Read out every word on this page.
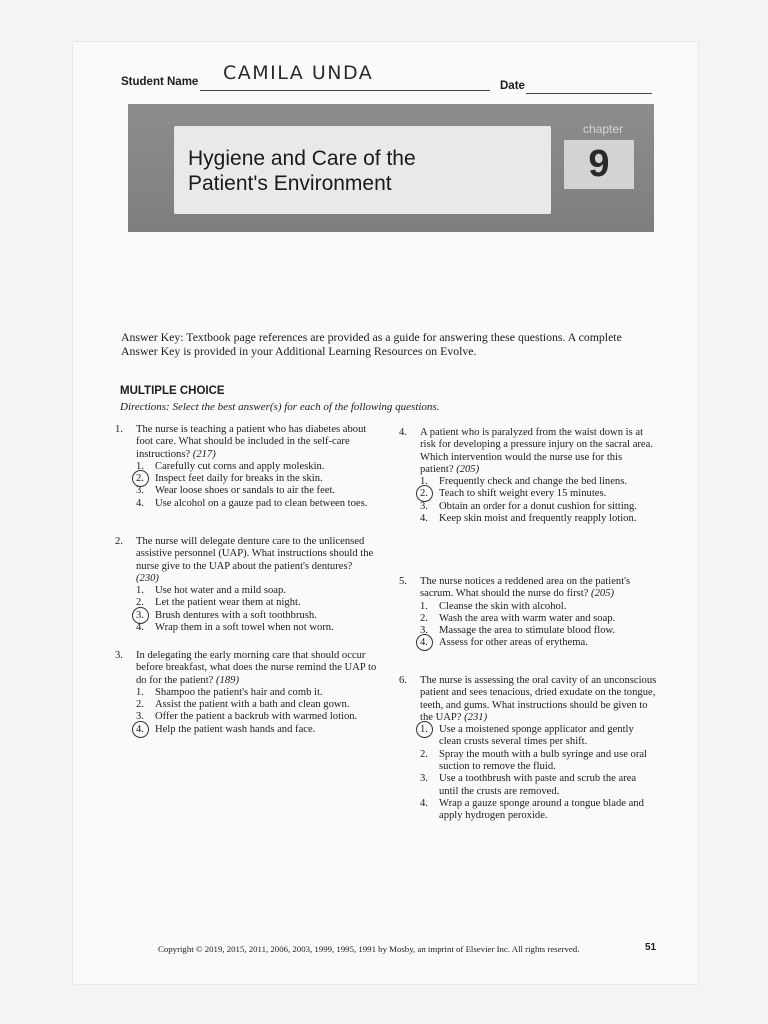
Student Name CAMILA UNDA
Date
Hygiene and Care of the
Patient's Environment
chapter
9

Answer Key: Textbook page references are provided as a guide for answering these questions. A complete Answer Key is provided in your Additional Learning Resources on Evolve.

MULTIPLE CHOICE
Directions: Select the best answer(s) for each of the following questions.
1.	The nurse is teaching a patient who has diabetes about foot care. What should be included in the self-care instructions? (217)
1.	Carefully cut corns and apply moleskin.
2.	Inspect feet daily for breaks in the skin.
3.	Wear loose shoes or sandals to air the feet.
4.	Use alcohol on a gauze pad to clean between toes.
2.	The nurse will delegate denture care to the unlicensed assistive personnel (UAP). What instructions should the nurse give to the UAP about the patient's dentures? (230)
1.	Use hot water and a mild soap.
2.	Let the patient wear them at night.
3.	Brush dentures with a soft toothbrush.
4.	Wrap them in a soft towel when not worn.
3.	In delegating the early morning care that should occur before breakfast, what does the nurse remind the UAP to do for the patient? (189)
1.	Shampoo the patient's hair and comb it.
2.	Assist the patient with a bath and clean gown.
3.	Offer the patient a backrub with warmed lotion.
4.	Help the patient wash hands and face.
4.	A patient who is paralyzed from the waist down is at risk for developing a pressure injury on the sacral area. Which intervention would the nurse use for this patient? (205)
1.	Frequently check and change the bed linens.
2.	Teach to shift weight every 15 minutes.
3.	Obtain an order for a donut cushion for sitting.
4.	Keep skin moist and frequently reapply lotion.
5.	The nurse notices a reddened area on the patient's sacrum. What should the nurse do first? (205)
1.	Cleanse the skin with alcohol.
2.	Wash the area with warm water and soap.
3.	Massage the area to stimulate blood flow.
4.	Assess for other areas of erythema.
6.	The nurse is assessing the oral cavity of an unconscious patient and sees tenacious, dried exudate on the tongue, teeth, and gums. What instructions should be given to the UAP? (231)
1.	Use a moistened sponge applicator and gently clean crusts several times per shift.
2.	Spray the mouth with a bulb syringe and use oral suction to remove the fluid.
3.	Use a toothbrush with paste and scrub the area until the crusts are removed.
4.	Wrap a gauze sponge around a tongue blade and apply hydrogen peroxide.
Copyright © 2019, 2015, 2011, 2006, 2003, 1999, 1995, 1991 by Mosby, an imprint of Elsevier Inc. All rights reserved.	51
